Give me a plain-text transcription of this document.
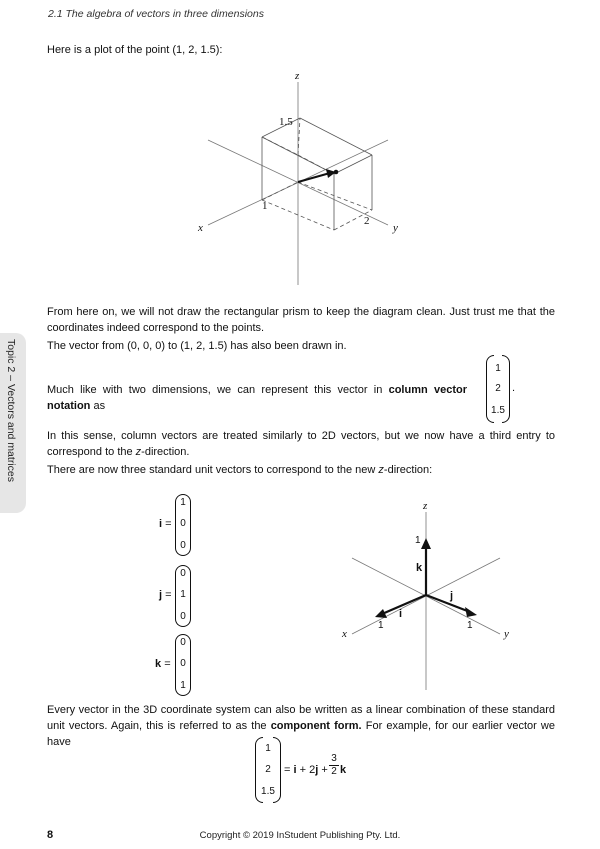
2.1 The algebra of vectors in three dimensions
Here is a plot of the point (1, 2, 1.5):
z
x	y
1.5
1
2
From here on, we will not draw the rectangular prism to keep the diagram clean. Just trust me that the coordinates indeed correspond to the points.
The vector from (0, 0, 0) to (1, 2, 1.5) has also been drawn in.
Much like with two dimensions, we can represent this vector in column vector notation as
1
2
1.5
.
In this sense, column vectors are treated similarly to 2D vectors, but we now have a third entry to correspond to the z-direction.
There are now three standard unit vectors to correspond to the new z-direction:
i =
1
0
0
j =
0
1
0
k =
0
0
1
z
x	y
1
1	1
k
j
i
Every vector in the 3D coordinate system can also be written as a linear combination of these standard unit vectors. Again, this is referred to as the component form. For example, for our earlier vector we have
1
2
1.5
= i + 2j +
3
2 k
Topic 2 – Vectors and matrices
8	Copyright © 2019 InStudent Publishing Pty. Ltd.
